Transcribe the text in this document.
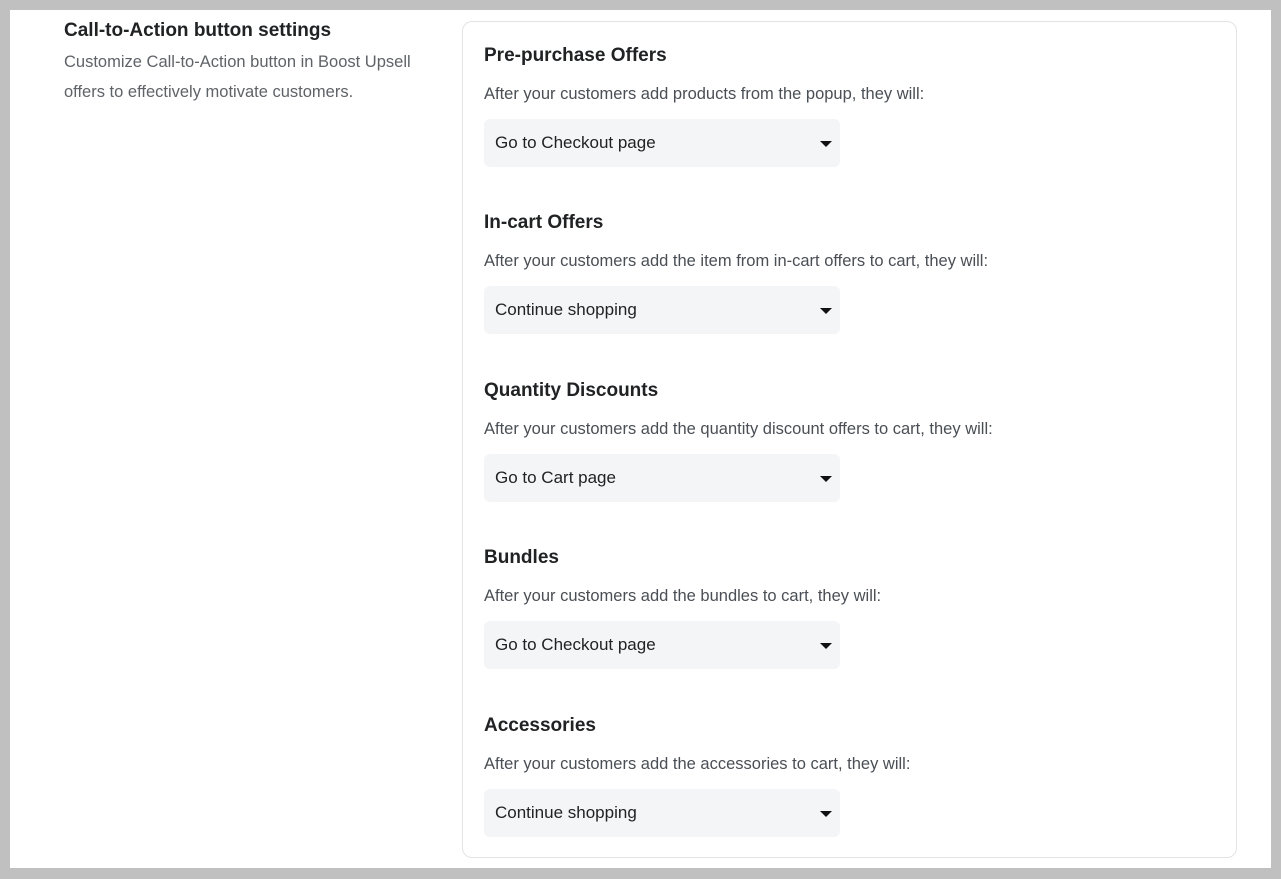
Call-to-Action button settings

Customize Call-to-Action button in Boost Upsell offers to effectively motivate customers.

Pre-purchase Offers

After your customers add products from the popup, they will:

Go to Checkout page
In-cart Offers

After your customers add the item from in-cart offers to cart, they will:

Continue shopping
Quantity Discounts

After your customers add the quantity discount offers to cart, they will:

Go to Cart page
Bundles

After your customers add the bundles to cart, they will:

Go to Checkout page
Accessories

After your customers add the accessories to cart, they will:

Continue shopping
